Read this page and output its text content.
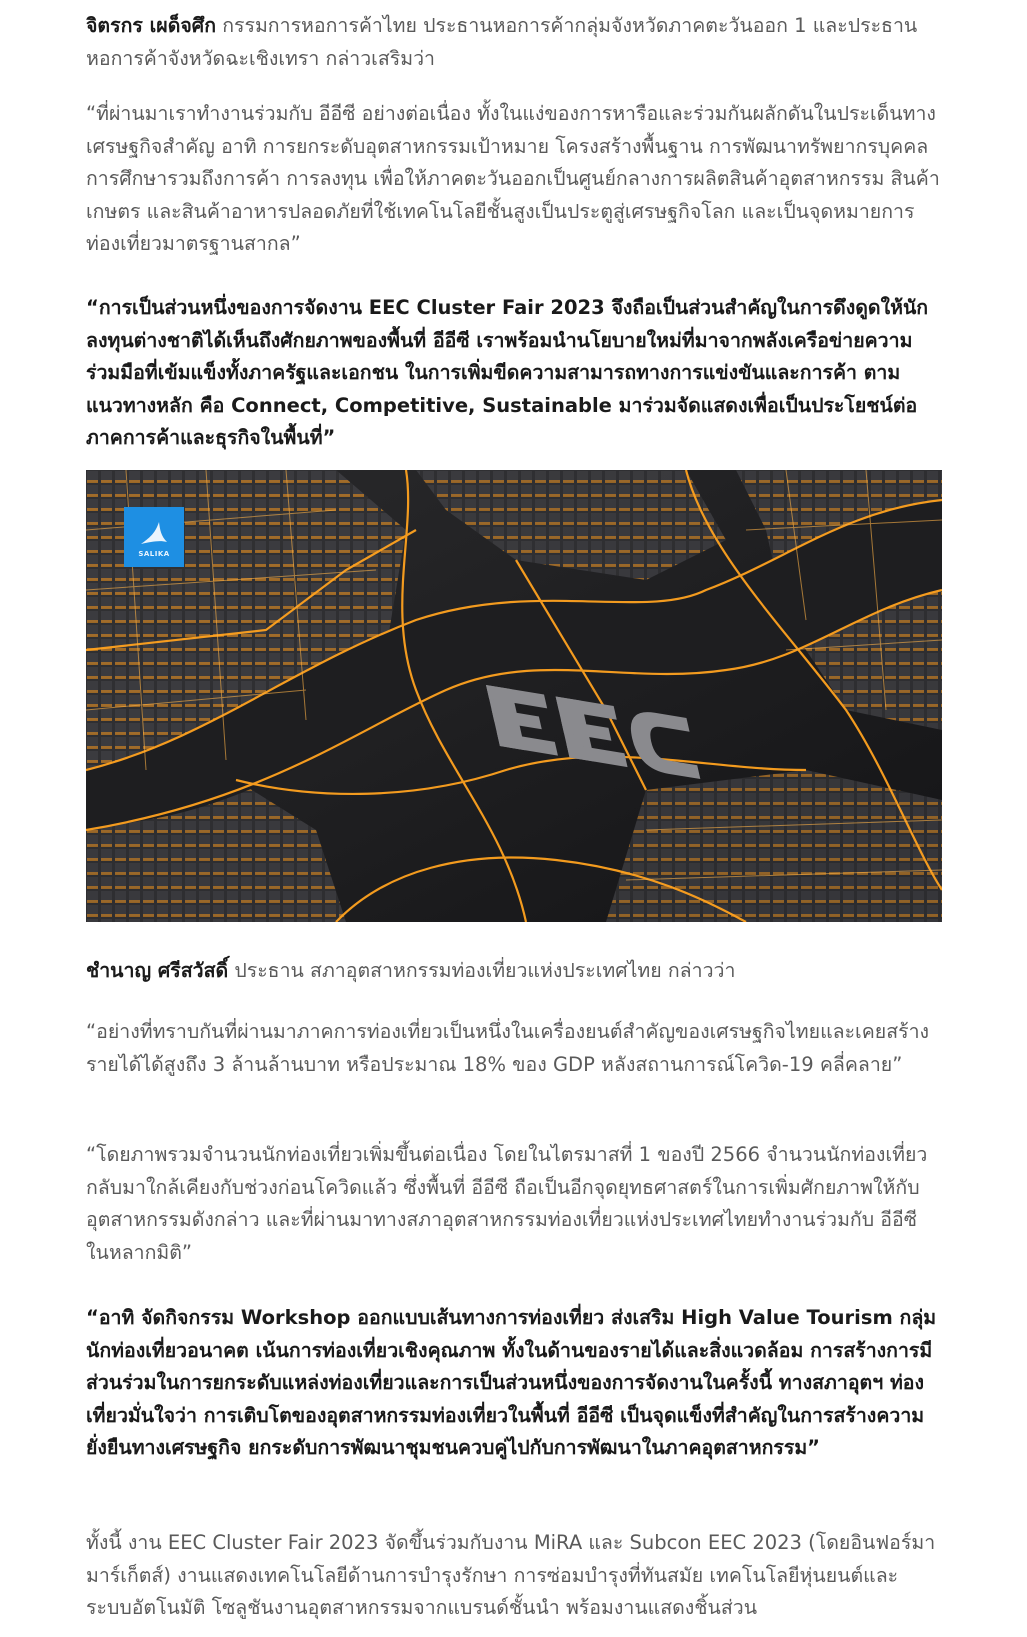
จิตรกร เผด็จศึก กรรมการหอการค้าไทย ประธานหอการค้ากลุ่มจังหวัดภาคตะวันออก 1 และประธานหอการค้าจังหวัดฉะเชิงเทรา กล่าวเสริมว่า

“ที่ผ่านมาเราทำงานร่วมกับ อีอีซี อย่างต่อเนื่อง ทั้งในแง่ของการหารือและร่วมกันผลักดันในประเด็นทางเศรษฐกิจสำคัญ อาทิ การยกระดับอุตสาหกรรมเป้าหมาย โครงสร้างพื้นฐาน การพัฒนาทรัพยากรบุคคล การศึกษารวมถึงการค้า การลงทุน เพื่อให้ภาคตะวันออกเป็นศูนย์กลางการผลิตสินค้าอุตสาหกรรม สินค้าเกษตร และสินค้าอาหารปลอดภัยที่ใช้เทคโนโลยีชั้นสูงเป็นประตูสู่เศรษฐกิจโลก และเป็นจุดหมายการท่องเที่ยวมาตรฐานสากล”

“การเป็นส่วนหนึ่งของการจัดงาน EEC Cluster Fair 2023 จึงถือเป็นส่วนสำคัญในการดึงดูดให้นักลงทุนต่างชาติได้เห็นถึงศักยภาพของพื้นที่ อีอีซี เราพร้อมนำนโยบายใหม่ที่มาจากพลังเครือข่ายความร่วมมือที่เข้มแข็งทั้งภาครัฐและเอกชน ในการเพิ่มขีดความสามารถทางการแข่งขันและการค้า ตามแนวทางหลัก คือ Connect, Competitive, Sustainable มาร่วมจัดแสดงเพื่อเป็นประโยชน์ต่อภาคการค้าและธุรกิจในพื้นที่”

SALIKA

ชำนาญ ศรีสวัสดิ์ ประธาน สภาอุตสาหกรรมท่องเที่ยวแห่งประเทศไทย กล่าวว่า

“อย่างที่ทราบกันที่ผ่านมาภาคการท่องเที่ยวเป็นหนึ่งในเครื่องยนต์สำคัญของเศรษฐกิจไทยและเคยสร้างรายได้ได้สูงถึง 3 ล้านล้านบาท หรือประมาณ 18% ของ GDP หลังสถานการณ์โควิด-19 คลี่คลาย”

“โดยภาพรวมจำนวนนักท่องเที่ยวเพิ่มขึ้นต่อเนื่อง โดยในไตรมาสที่ 1 ของปี 2566 จำนวนนักท่องเที่ยวกลับมาใกล้เคียงกับช่วงก่อนโควิดแล้ว ซึ่งพื้นที่ อีอีซี ถือเป็นอีกจุดยุทธศาสตร์ในการเพิ่มศักยภาพให้กับอุตสาหกรรมดังกล่าว และที่ผ่านมาทางสภาอุตสาหกรรมท่องเที่ยวแห่งประเทศไทยทำงานร่วมกับ อีอีซี ในหลากมิติ”

“อาทิ จัดกิจกรรม Workshop ออกแบบเส้นทางการท่องเที่ยว ส่งเสริม High Value Tourism กลุ่มนักท่องเที่ยวอนาคต เน้นการท่องเที่ยวเชิงคุณภาพ ทั้งในด้านของรายได้และสิ่งแวดล้อม การสร้างการมีส่วนร่วมในการยกระดับแหล่งท่องเที่ยวและการเป็นส่วนหนึ่งของการจัดงานในครั้งนี้ ทางสภาอุตฯ ท่องเที่ยวมั่นใจว่า การเติบโตของอุตสาหกรรมท่องเที่ยวในพื้นที่ อีอีซี เป็นจุดแข็งที่สำคัญในการสร้างความยั่งยืนทางเศรษฐกิจ ยกระดับการพัฒนาชุมชนควบคู่ไปกับการพัฒนาในภาคอุตสาหกรรม”

ทั้งนี้ งาน EEC Cluster Fair 2023 จัดขึ้นร่วมกับงาน MiRA และ Subcon EEC 2023 (โดยอินฟอร์มา มาร์เก็ตส์) งานแสดงเทคโนโลยีด้านการบำรุงรักษา การซ่อมบำรุงที่ทันสมัย เทคโนโลยีหุ่นยนต์และระบบอัตโนมัติ โซลูชันงานอุตสาหกรรมจากแบรนด์ชั้นนำ พร้อมงานแสดงชิ้นส่วน
